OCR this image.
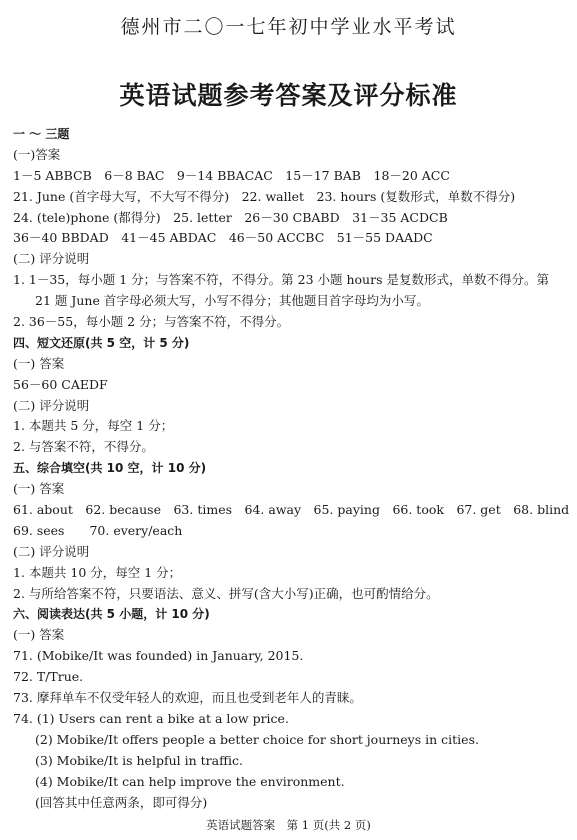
德州市二〇一七年初中学业水平考试
英语试题参考答案及评分标准
一 ～ 三题
(一)答案
1－5 ABBCB　6－8 BAC　9－14 BBACAC　15－17 BAB　18－20 ACC
21. June (首字母大写，不大写不得分)　22. wallet　23. hours (复数形式，单数不得分)
24. (tele)phone (都得分)　25. letter　26－30 CBABD　31－35 ACDCB
36－40 BBDAD　41－45 ABDAC　46－50 ACCBC　51－55 DAADC
(二) 评分说明
1. 1－35，每小题 1 分；与答案不符，不得分。第 23 小题 hours 是复数形式，单数不得分。第
21 题 June 首字母必须大写，小写不得分；其他题目首字母均为小写。
2. 36－55，每小题 2 分；与答案不符，不得分。
四、短文还原(共 5 空，计 5 分)
(一) 答案
56－60 CAEDF
(二) 评分说明
1. 本题共 5 分，每空 1 分；
2. 与答案不符，不得分。
五、综合填空(共 10 空，计 10 分)
(一) 答案
61. about　62. because　63. times　64. away　65. paying　66. took　67. get　68. blind
69. sees　　70. every/each
(二) 评分说明
1. 本题共 10 分，每空 1 分；
2. 与所给答案不符，只要语法、意义、拼写(含大小写)正确，也可酌情给分。
六、阅读表达(共 5 小题，计 10 分)
(一) 答案
71. (Mobike/It was founded) in January, 2015.
72. T/True.
73. 摩拜单车不仅受年轻人的欢迎，而且也受到老年人的青睐。
74. (1) Users can rent a bike at a low price.
(2) Mobike/It offers people a better choice for short journeys in cities.
(3) Mobike/It is helpful in traffic.
(4) Mobike/It can help improve the environment.
(回答其中任意两条，即可得分)
英语试题答案　第 1 页(共 2 页)
